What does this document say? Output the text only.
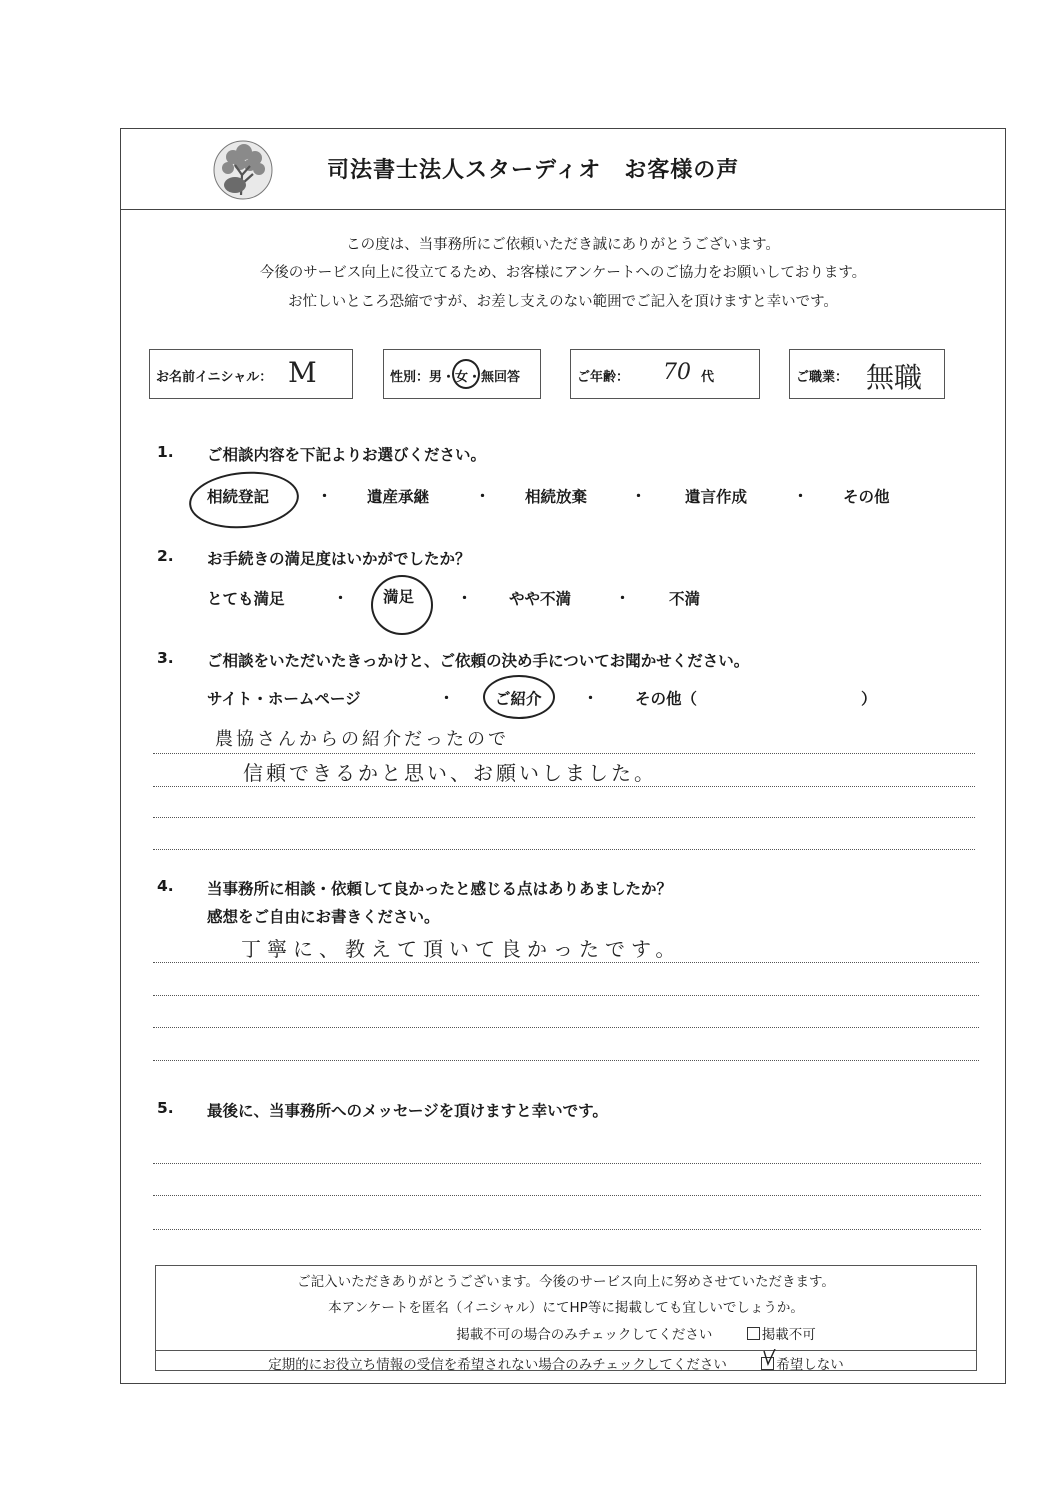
司法書士法人スターディオ　お客様の声
この度は、当事務所にご依頼いただき誠にありがとうございます。
今後のサービス向上に役立てるため、お客様にアンケートへのご協力をお願いしております。
お忙しいところ恐縮ですが、お差し支えのない範囲でご記入を頂けますと幸いです。
お名前イニシャル： M	性別：男・女・無回答	ご年齢： 70 代	ご職業： 無職
1. ご相談内容を下記よりお選びください。
相続登記	・ 遺産承継	・ 相続放棄	・	遺言作成	・ その他
2. お手続きの満足度はいかがでしたか？
とても満足	・ 満足	・ やや不満	・	不満
3. ご相談をいただいたきっかけと、ご依頼の決め手についてお聞かせください。
サイト・ホームページ	・	ご紹介	・ その他（	）
農協さんからの紹介だったので
信頼できるかと思い、お願いしました。
4. 当事務所に相談・依頼して良かったと感じる点はありあましたか？
感想をご自由にお書きください。
丁寧に、教えて頂いて良かったです。
5. 最後に、当事務所へのメッセージを頂けますと幸いです。
ご記入いただきありがとうございます。今後のサービス向上に努めさせていただきます。
本アンケートを匿名（イニシャル）にてHP等に掲載しても宜しいでしょうか。
掲載不可の場合のみチェックしてください	掲載不可
定期的にお役立ち情報の受信を希望されない場合のみチェックしてください	希望しない
